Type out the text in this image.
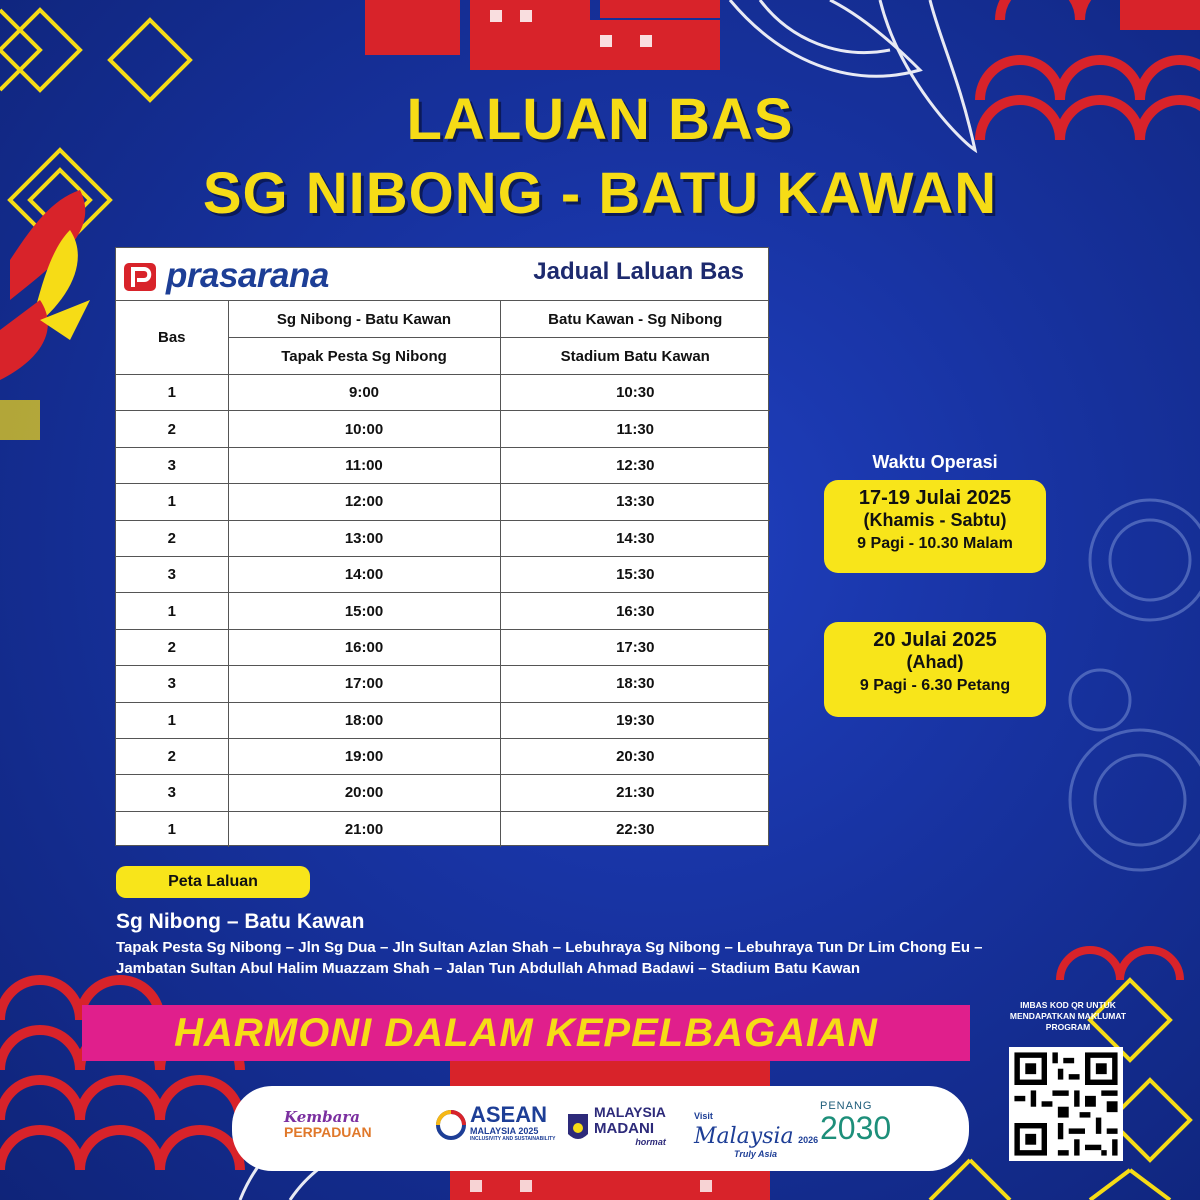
LALUAN BAS
SG NIBONG - BATU KAWAN
prasarana	Jadual Laluan Bas
Bas	Sg Nibong - Batu Kawan	Batu Kawan - Sg Nibong
	Tapak Pesta Sg Nibong	Stadium Batu Kawan
1	9:00	10:30
2	10:00	11:30
3	11:00	12:30
1	12:00	13:30
2	13:00	14:30
3	14:00	15:30
1	15:00	16:30
2	16:00	17:30
3	17:00	18:30
1	18:00	19:30
2	19:00	20:30
3	20:00	21:30
1	21:00	22:30
Waktu Operasi
17-19 Julai 2025
(Khamis - Sabtu)
9 Pagi - 10.30 Malam
20 Julai 2025
(Ahad)
9 Pagi - 6.30 Petang
Peta Laluan
Sg Nibong – Batu Kawan
Tapak Pesta Sg Nibong – Jln Sg Dua – Jln Sultan Azlan Shah – Lebuhraya Sg Nibong – Lebuhraya Tun Dr Lim Chong Eu –
Jambatan Sultan Abul Halim Muazzam Shah – Jalan Tun Abdullah Ahmad Badawi – Stadium Batu Kawan
HARMONI DALAM KEPELBAGAIAN
Kembara
PERPADUAN
ASEAN
MALAYSIA 2025
INCLUSIVITY AND SUSTAINABILITY
MALAYSIA
MADANI
hormat
Visit
Malaysia 2026
Truly Asia
PENANG
2030
IMBAS KOD QR UNTUK MENDAPATKAN MAKLUMAT PROGRAM
